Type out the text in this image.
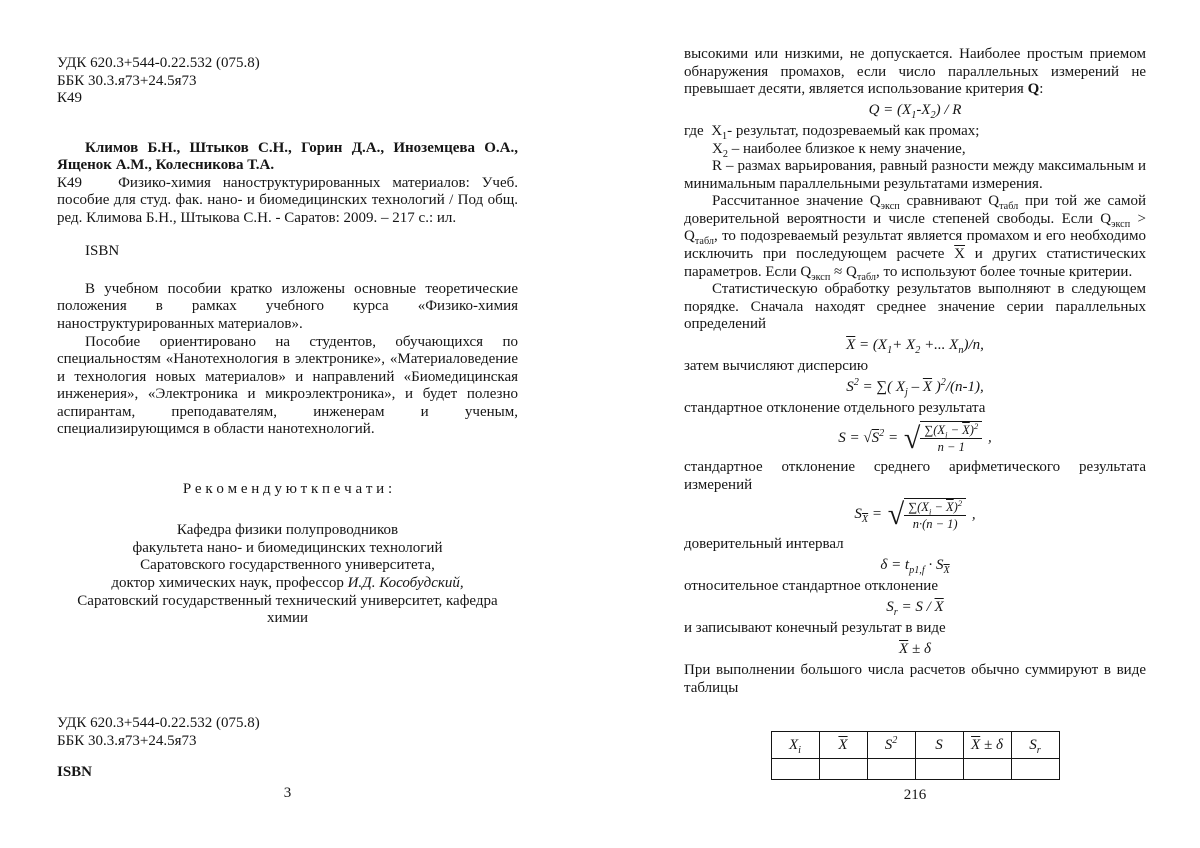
УДК 620.3+544-0.22.532 (075.8)
ББК 30.3.я73+24.5я73
К49

Климов Б.Н., Штыков С.Н., Горин Д.А., Иноземцева О.А., Ященок А.М., Колесникова Т.А.

К49   Физико-химия наноструктурированных материалов: Учеб. пособие для студ. фак. нано- и биомедицинских технологий / Под общ. ред. Климова Б.Н., Штыкова С.Н. - Саратов: 2009. – 217 с.: ил.

ISBN

В учебном пособии кратко изложены основные теоретические положения в рамках учебного курса «Физико-химия наноструктурированных материалов».

Пособие ориентировано на студентов, обучающихся по специальностям «Нанотехнология в электронике», «Материаловедение и технология новых материалов» и направлений «Биомедицинская инженерия», «Электроника и микроэлектроника», и будет полезно аспирантам, преподавателям, инженерам и ученым, специализирующимся в области нанотехнологий.

Р е к о м е н д у ю т к п е ч а т и :

Кафедра физики полупроводников
факультета нано- и биомедицинских технологий
Саратовского государственного университета,
доктор химических наук, профессор И.Д. Кособудский,
Саратовский государственный технический университет, кафедра химии
УДК 620.3+544-0.22.532 (075.8)
ББК 30.3.я73+24.5я73

ISBN

3

высокими или низкими, не допускается. Наиболее простым приемом обнаружения промахов, если число параллельных измерений не превышает десяти, является использование критерия Q:

$Q = (X_1-X_2) / R$

где  $X_1-$ результат, подозреваемый как промах;

$X_2$ – наиболее близкое к нему значение,

R – размах варьирования, равный разности между максимальным и минимальным параллельными результатами измерения.

Рассчитанное значение $Q_{эксп}$ сравнивают $Q_{табл}$ при той же самой доверительной вероятности и числе степеней свободы. Если $Q_{эксп} > Q_{табл}$, то подозреваемый результат является промахом и его необходимо исключить при последующем расчете $\overline{X}$ и других статистических параметров. Если $Q_{эксп} \approx Q_{табл}$, то используют более точные критерии.

Статистическую обработку результатов выполняют в следующем порядке. Сначала находят среднее значение серии параллельных определений

$\overline{X} = (X_1+ X_2$ +... $X_n)/n$,

затем вычисляют дисперсию

$S^2$ = ∑( $X_j - \overline{X}$ )$^2$/(n-1),

стандартное отклонение отдельного результата

$S = √S^2$ = √ $\frac{\sum(X_i - \overline{X})^2}{n - 1}$ ,

стандартное отклонение среднего арифметического результата измерений

$S_{\overline{X}}$ = √ $\frac{\sum(X_i - \overline{X})^2}{n\cdot(n - 1)}$ ,

доверительный интервал

$\delta = t_{p1,f} \cdot S_{\overline{X}}$

относительное стандартное отклонение

$S_r = S / \overline{X}$

и записывают конечный результат в виде

$\overline{X} \pm \delta$

При выполнении большого числа расчетов обычно суммируют в виде таблицы

$X_i$	$\overline{X}$	$S^2$	S	$\overline{X} \pm \delta$	$S_r$

216
